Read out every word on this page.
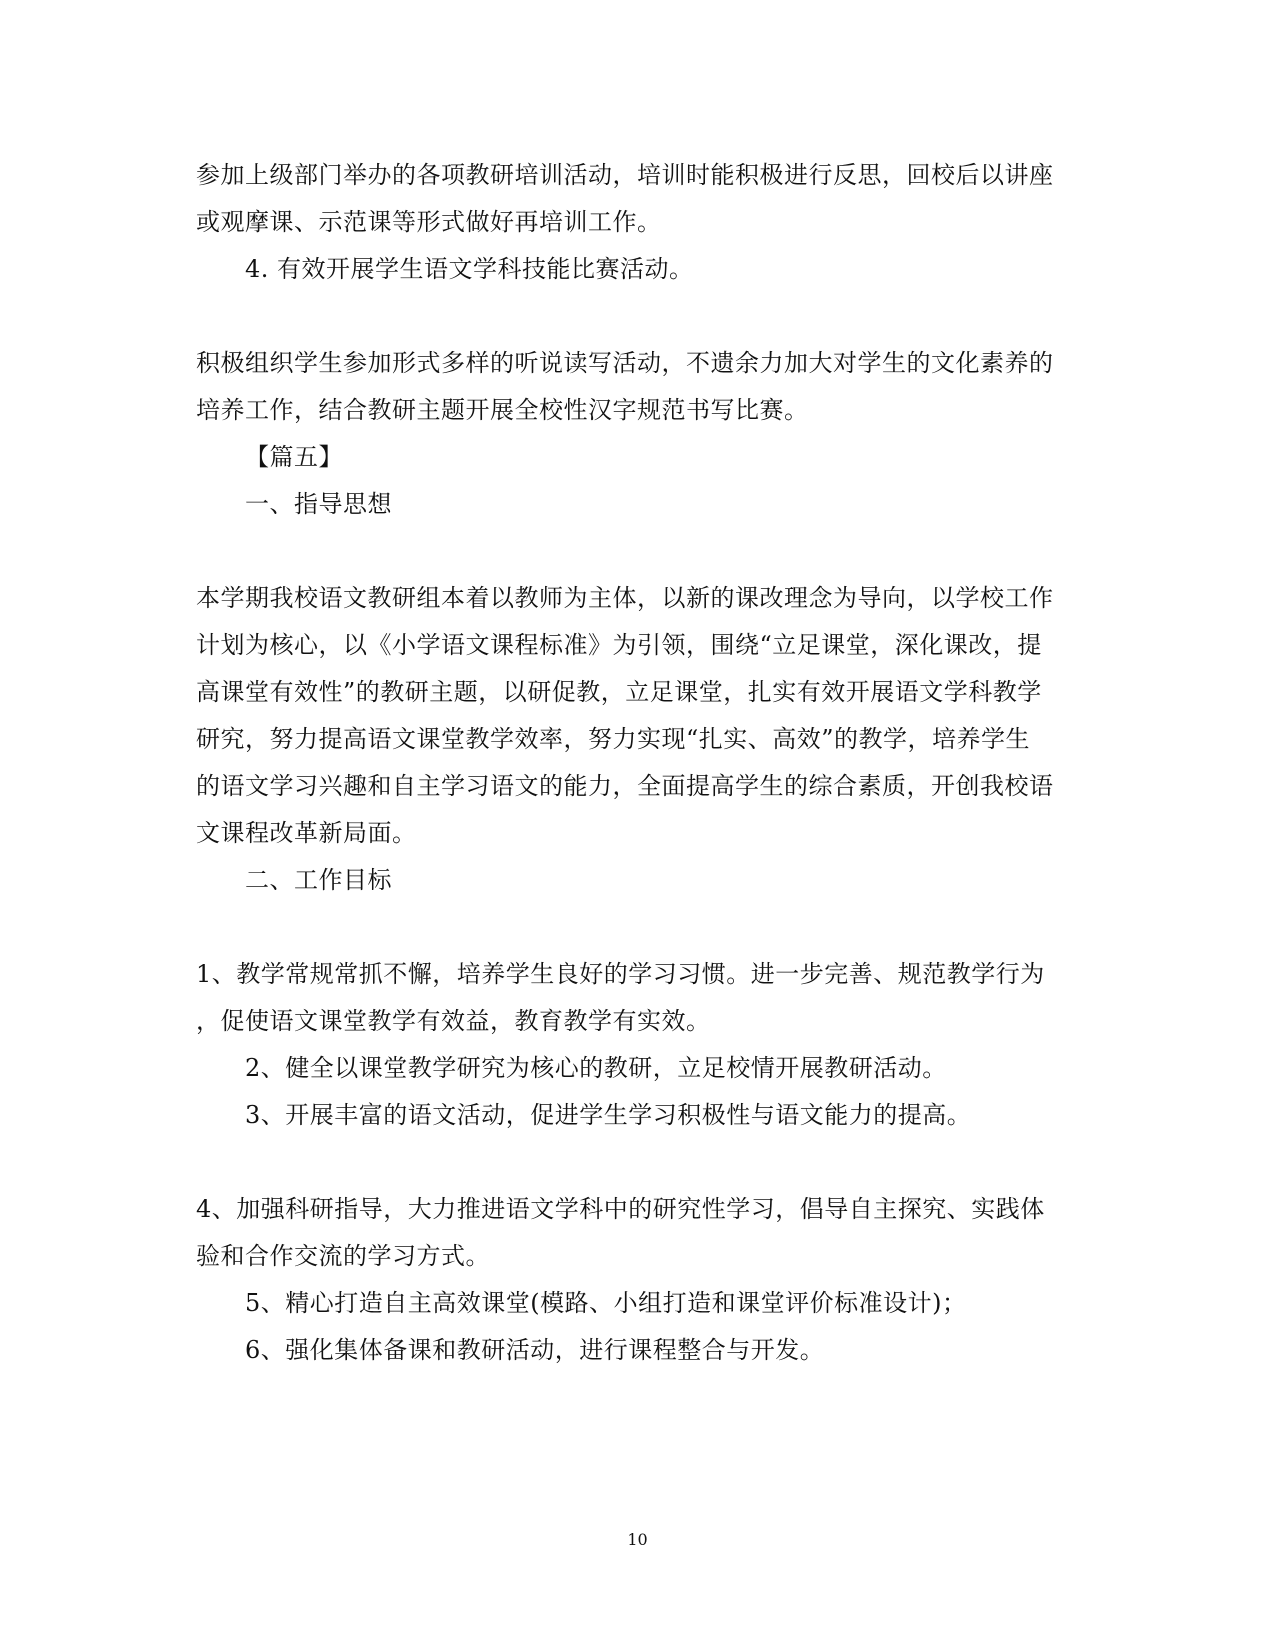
参加上级部门举办的各项教研培训活动，培训时能积极进行反思，回校后以讲座
或观摩课、示范课等形式做好再培训工作。
4. 有效开展学生语文学科技能比赛活动。
积极组织学生参加形式多样的听说读写活动，不遗余力加大对学生的文化素养的
培养工作，结合教研主题开展全校性汉字规范书写比赛。
【篇五】
一、指导思想
本学期我校语文教研组本着以教师为主体，以新的课改理念为导向，以学校工作
计划为核心，以《小学语文课程标准》为引领，围绕“立足课堂，深化课改，提
高课堂有效性”的教研主题，以研促教，立足课堂，扎实有效开展语文学科教学
研究，努力提高语文课堂教学效率，努力实现“扎实、高效”的教学，培养学生
的语文学习兴趣和自主学习语文的能力，全面提高学生的综合素质，开创我校语
文课程改革新局面。
二、工作目标
1、教学常规常抓不懈，培养学生良好的学习习惯。进一步完善、规范教学行为
，促使语文课堂教学有效益，教育教学有实效。
2、健全以课堂教学研究为核心的教研，立足校情开展教研活动。
3、开展丰富的语文活动，促进学生学习积极性与语文能力的提高。
4、加强科研指导，大力推进语文学科中的研究性学习，倡导自主探究、实践体
验和合作交流的学习方式。
5、精心打造自主高效课堂(模路、小组打造和课堂评价标准设计)；
6、强化集体备课和教研活动，进行课程整合与开发。
10
